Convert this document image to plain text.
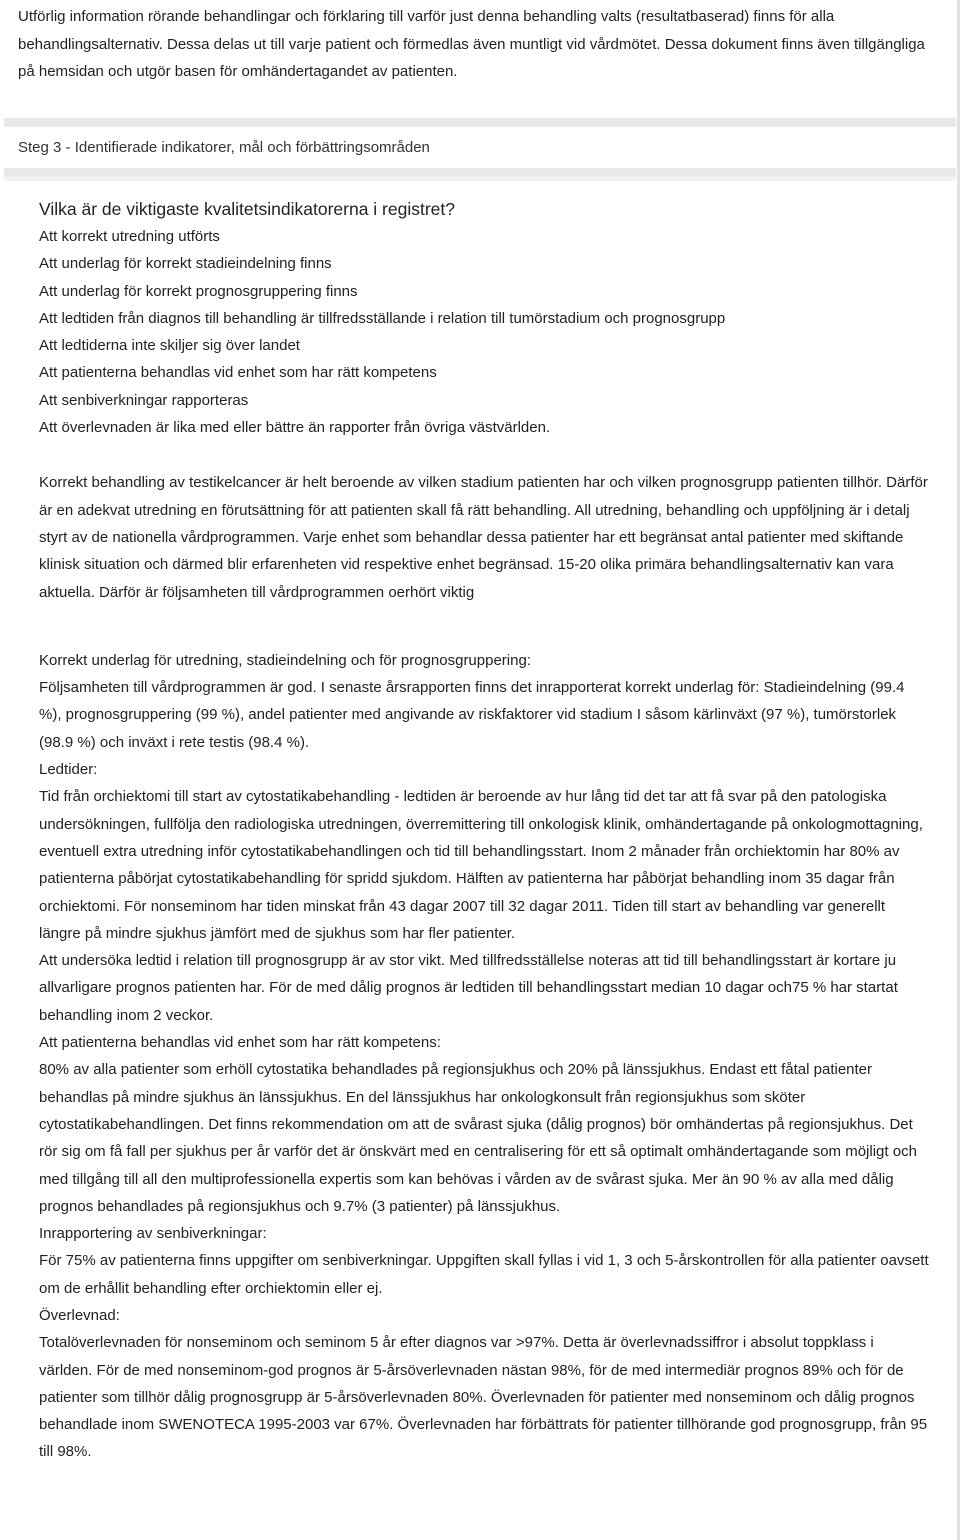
Utförlig information rörande behandlingar och förklaring till varför just denna behandling valts (resultatbaserad) finns för alla behandlingsalternativ. Dessa delas ut till varje patient och förmedlas även muntligt vid vårdmötet. Dessa dokument finns även tillgängliga på hemsidan och utgör basen för omhändertagandet av patienten.

Steg 3 - Identifierade indikatorer, mål och förbättringsområden
Vilka är de viktigaste kvalitetsindikatorerna i registret?
Att korrekt utredning utförts
Att underlag för korrekt stadieindelning finns
Att underlag för korrekt prognosgruppering finns
Att ledtiden från diagnos till behandling är tillfredsställande i relation till tumörstadium och prognosgrupp
Att ledtiderna inte skiljer sig över landet
Att patienterna behandlas vid enhet som har rätt kompetens
Att senbiverkningar rapporteras
Att överlevnaden är lika med eller bättre än rapporter från övriga västvärlden.

Korrekt behandling av testikelcancer är helt beroende av vilken stadium patienten har och vilken prognosgrupp patienten tillhör. Därför är en adekvat utredning en förutsättning för att patienten skall få rätt behandling. All utredning, behandling och uppföljning är i detalj styrt av de nationella vårdprogrammen. Varje enhet som behandlar dessa patienter har ett begränsat antal patienter med skiftande klinisk situation och därmed blir erfarenheten vid respektive enhet begränsad. 15-20 olika primära behandlingsalternativ kan vara aktuella. Därför är följsamheten till vårdprogrammen oerhört viktig

Korrekt underlag för utredning, stadieindelning och för prognosgruppering:

Följsamheten till vårdprogrammen är god. I senaste årsrapporten finns det inrapporterat korrekt underlag för: Stadieindelning (99.4 %), prognosgruppering (99 %), andel patienter med angivande av riskfaktorer vid stadium I såsom kärlinväxt (97 %), tumörstorlek (98.9 %) och inväxt i rete testis (98.4 %).

Ledtider:

Tid från orchiektomi till start av cytostatikabehandling - ledtiden är beroende av hur lång tid det tar att få svar på den patologiska undersökningen, fullfölja den radiologiska utredningen, överremittering till onkologisk klinik, omhändertagande på onkologmottagning, eventuell extra utredning inför cytostatikabehandlingen och tid till behandlingsstart. Inom 2 månader från orchiektomin har 80% av patienterna påbörjat cytostatikabehandling för spridd sjukdom. Hälften av patienterna har påbörjat behandling inom 35 dagar från orchiektomi. För nonseminom har tiden minskat från 43 dagar 2007 till 32 dagar 2011. Tiden till start av behandling var generellt längre på mindre sjukhus jämfört med de sjukhus som har fler patienter.

Att undersöka ledtid i relation till prognosgrupp är av stor vikt. Med tillfredsställelse noteras att tid till behandlingsstart är kortare ju allvarligare prognos patienten har. För de med dålig prognos är ledtiden till behandlingsstart median 10 dagar och75 % har startat behandling inom 2 veckor.

Att patienterna behandlas vid enhet som har rätt kompetens:

80% av alla patienter som erhöll cytostatika behandlades på regionsjukhus och 20% på länssjukhus. Endast ett fåtal patienter behandlas på mindre sjukhus än länssjukhus. En del länssjukhus har onkologkonsult från regionsjukhus som sköter cytostatikabehandlingen. Det finns rekommendation om att de svårast sjuka (dålig prognos) bör omhändertas på regionsjukhus. Det rör sig om få fall per sjukhus per år varför det är önskvärt med en centralisering för ett så optimalt omhändertagande som möjligt och med tillgång till all den multiprofessionella expertis som kan behövas i vården av de svårast sjuka. Mer än 90 % av alla med dålig prognos behandlades på regionsjukhus och 9.7% (3 patienter) på länssjukhus.

Inrapportering av senbiverkningar:

För 75% av patienterna finns uppgifter om senbiverkningar. Uppgiften skall fyllas i vid 1, 3 och 5-årskontrollen för alla patienter oavsett om de erhållit behandling efter orchiektomin eller ej.

Överlevnad:

Totalöverlevnaden för nonseminom och seminom 5 år efter diagnos var >97%. Detta är överlevnadssiffror i absolut toppklass i världen. För de med nonseminom-god prognos är 5-årsöverlevnaden nästan 98%, för de med intermediär prognos 89% och för de patienter som tillhör dålig prognosgrupp är 5-årsöverlevnaden 80%. Överlevnaden för patienter med nonseminom och dålig prognos behandlade inom SWENOTECA 1995-2003 var 67%. Överlevnaden har förbättrats för patienter tillhörande god prognosgrupp, från 95 till 98%.
